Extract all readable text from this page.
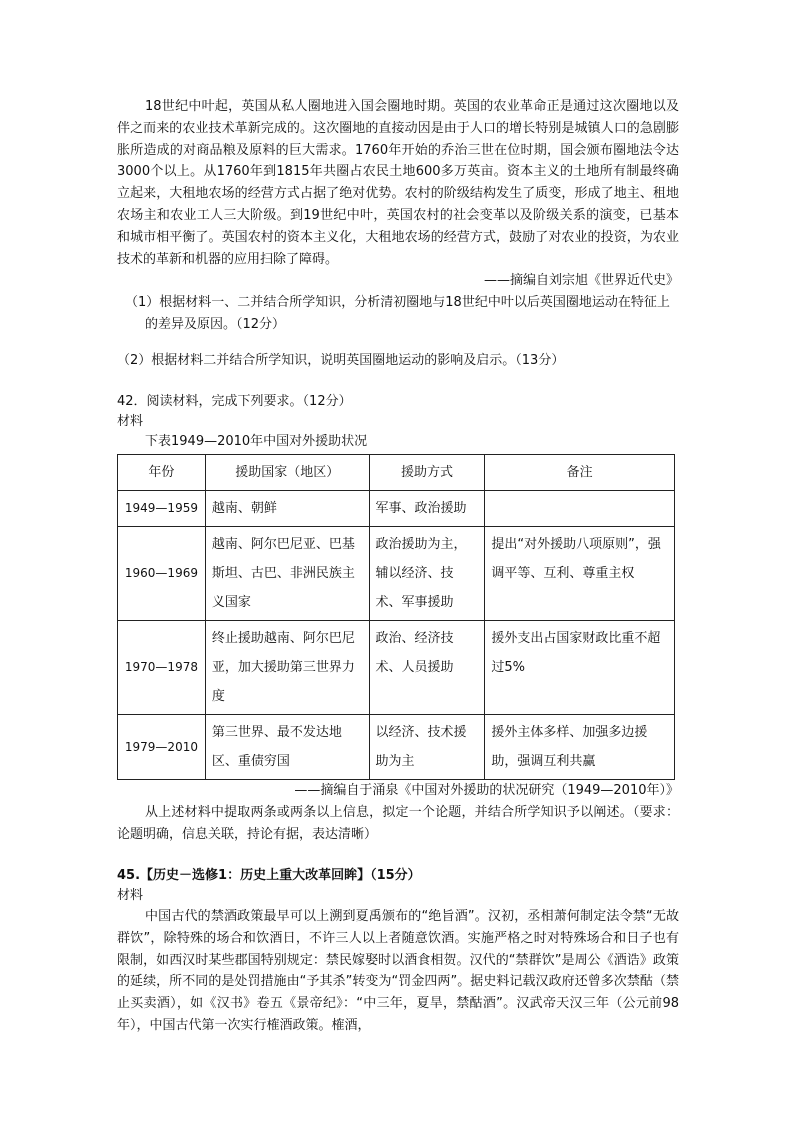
18世纪中叶起，英国从私人圈地进入国会圈地时期。英国的农业革命正是通过这次圈地以及伴之而来的农业技术革新完成的。这次圈地的直接动因是由于人口的增长特别是城镇人口的急剧膨胀所造成的对商品粮及原料的巨大需求。1760年开始的乔治三世在位时期，国会颁布圈地法令达3000个以上。从1760年到1815年共圈占农民土地600多万英亩。资本主义的土地所有制最终确立起来，大租地农场的经营方式占据了绝对优势。农村的阶级结构发生了质变，形成了地主、租地农场主和农业工人三大阶级。到19世纪中叶，英国农村的社会变革以及阶级关系的演变，已基本和城市相平衡了。英国农村的资本主义化，大租地农场的经营方式，鼓励了对农业的投资，为农业技术的革新和机器的应用扫除了障碍。

——摘编自刘宗旭《世界近代史》

（1）根据材料一、二并结合所学知识，分析清初圈地与18世纪中叶以后英国圈地运动在特征上的差异及原因。（12分）

（2）根据材料二并结合所学知识，说明英国圈地运动的影响及启示。（13分）

42．阅读材料，完成下列要求。（12分）

材料

下表1949—2010年中国对外援助状况

年份	援助国家（地区）	援助方式	备注
1949—1959	越南、朝鲜	军事、政治援助	
1960—1969	越南、阿尔巴尼亚、巴基斯坦、古巴、非洲民族主义国家	政治援助为主，辅以经济、技术、军事援助	提出“对外援助八项原则”，强调平等、互利、尊重主权
1970—1978	终止援助越南、阿尔巴尼亚，加大援助第三世界力度	政治、经济技术、人员援助	援外支出占国家财政比重不超过5%
1979—2010	第三世界、最不发达地区、重债穷国	以经济、技术援助为主	援外主体多样、加强多边援助，强调互利共赢

——摘编自于涌泉《中国对外援助的状况研究（1949—2010年）》

从上述材料中提取两条或两条以上信息，拟定一个论题，并结合所学知识予以阐述。（要求：论题明确，信息关联，持论有据，表达清晰）

45.【历史－选修1：历史上重大改革回眸】（15分）

材料

中国古代的禁酒政策最早可以上溯到夏禹颁布的“绝旨酒”。汉初，丞相萧何制定法令禁“无故群饮”，除特殊的场合和饮酒日，不许三人以上者随意饮酒。实施严格之时对特殊场合和日子也有限制，如西汉时某些郡国特别规定：禁民嫁娶时以酒食相贺。汉代的“禁群饮”是周公《酒诰》政策的延续，所不同的是处罚措施由“予其杀”转变为“罚金四两”。据史料记载汉政府还曾多次禁酤（禁止买卖酒），如《汉书》卷五《景帝纪》：“中三年，夏旱，禁酤酒”。汉武帝天汉三年（公元前98年），中国古代第一次实行榷酒政策。榷酒，
